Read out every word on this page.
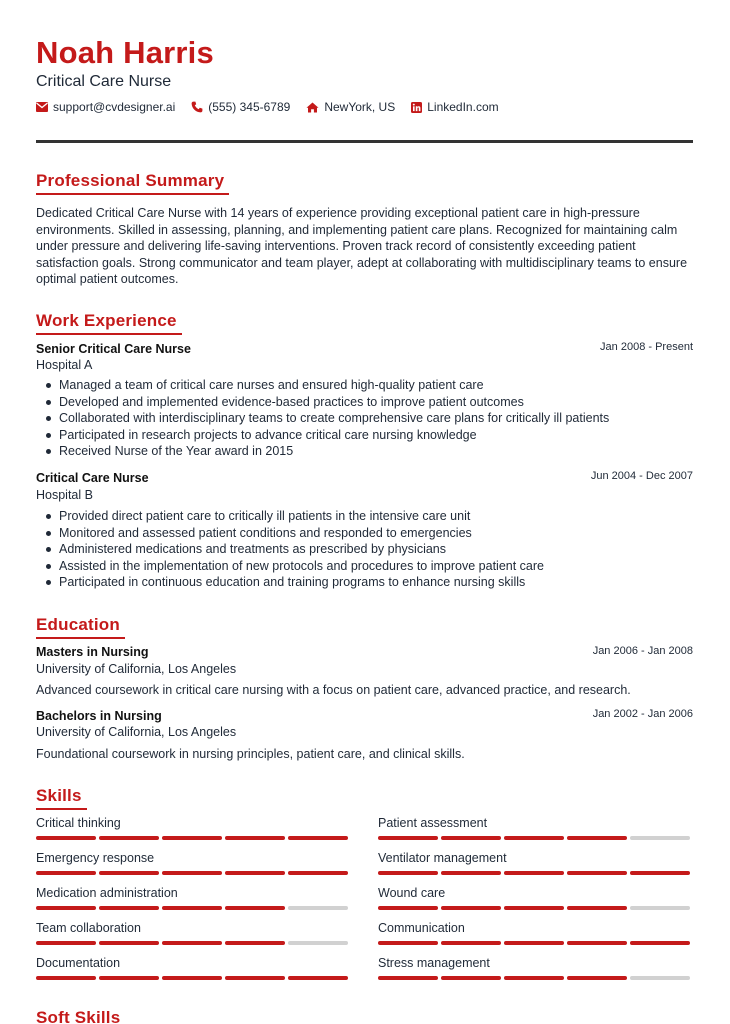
Noah Harris
Critical Care Nurse
support@cvdesigner.ai	(555) 345-6789	NewYork, US	LinkedIn.com
Professional Summary
Dedicated Critical Care Nurse with 14 years of experience providing exceptional patient care in high-pressure environments. Skilled in assessing, planning, and implementing patient care plans. Recognized for maintaining calm under pressure and delivering life-saving interventions. Proven track record of consistently exceeding patient satisfaction goals. Strong communicator and team player, adept at collaborating with multidisciplinary teams to ensure optimal patient outcomes.
Work Experience
Senior Critical Care Nurse	Jan 2008 - Present
Hospital A
Managed a team of critical care nurses and ensured high-quality patient care
Developed and implemented evidence-based practices to improve patient outcomes
Collaborated with interdisciplinary teams to create comprehensive care plans for critically ill patients
Participated in research projects to advance critical care nursing knowledge
Received Nurse of the Year award in 2015
Critical Care Nurse	Jun 2004 - Dec 2007
Hospital B
Provided direct patient care to critically ill patients in the intensive care unit
Monitored and assessed patient conditions and responded to emergencies
Administered medications and treatments as prescribed by physicians
Assisted in the implementation of new protocols and procedures to improve patient care
Participated in continuous education and training programs to enhance nursing skills
Education
Masters in Nursing	Jan 2006 - Jan 2008
University of California, Los Angeles
Advanced coursework in critical care nursing with a focus on patient care, advanced practice, and research.
Bachelors in Nursing	Jan 2002 - Jan 2006
University of California, Los Angeles
Foundational coursework in nursing principles, patient care, and clinical skills.
Skills
Critical thinking	Patient assessment
Emergency response	Ventilator management
Medication administration	Wound care
Team collaboration	Communication
Documentation	Stress management
Soft Skills
